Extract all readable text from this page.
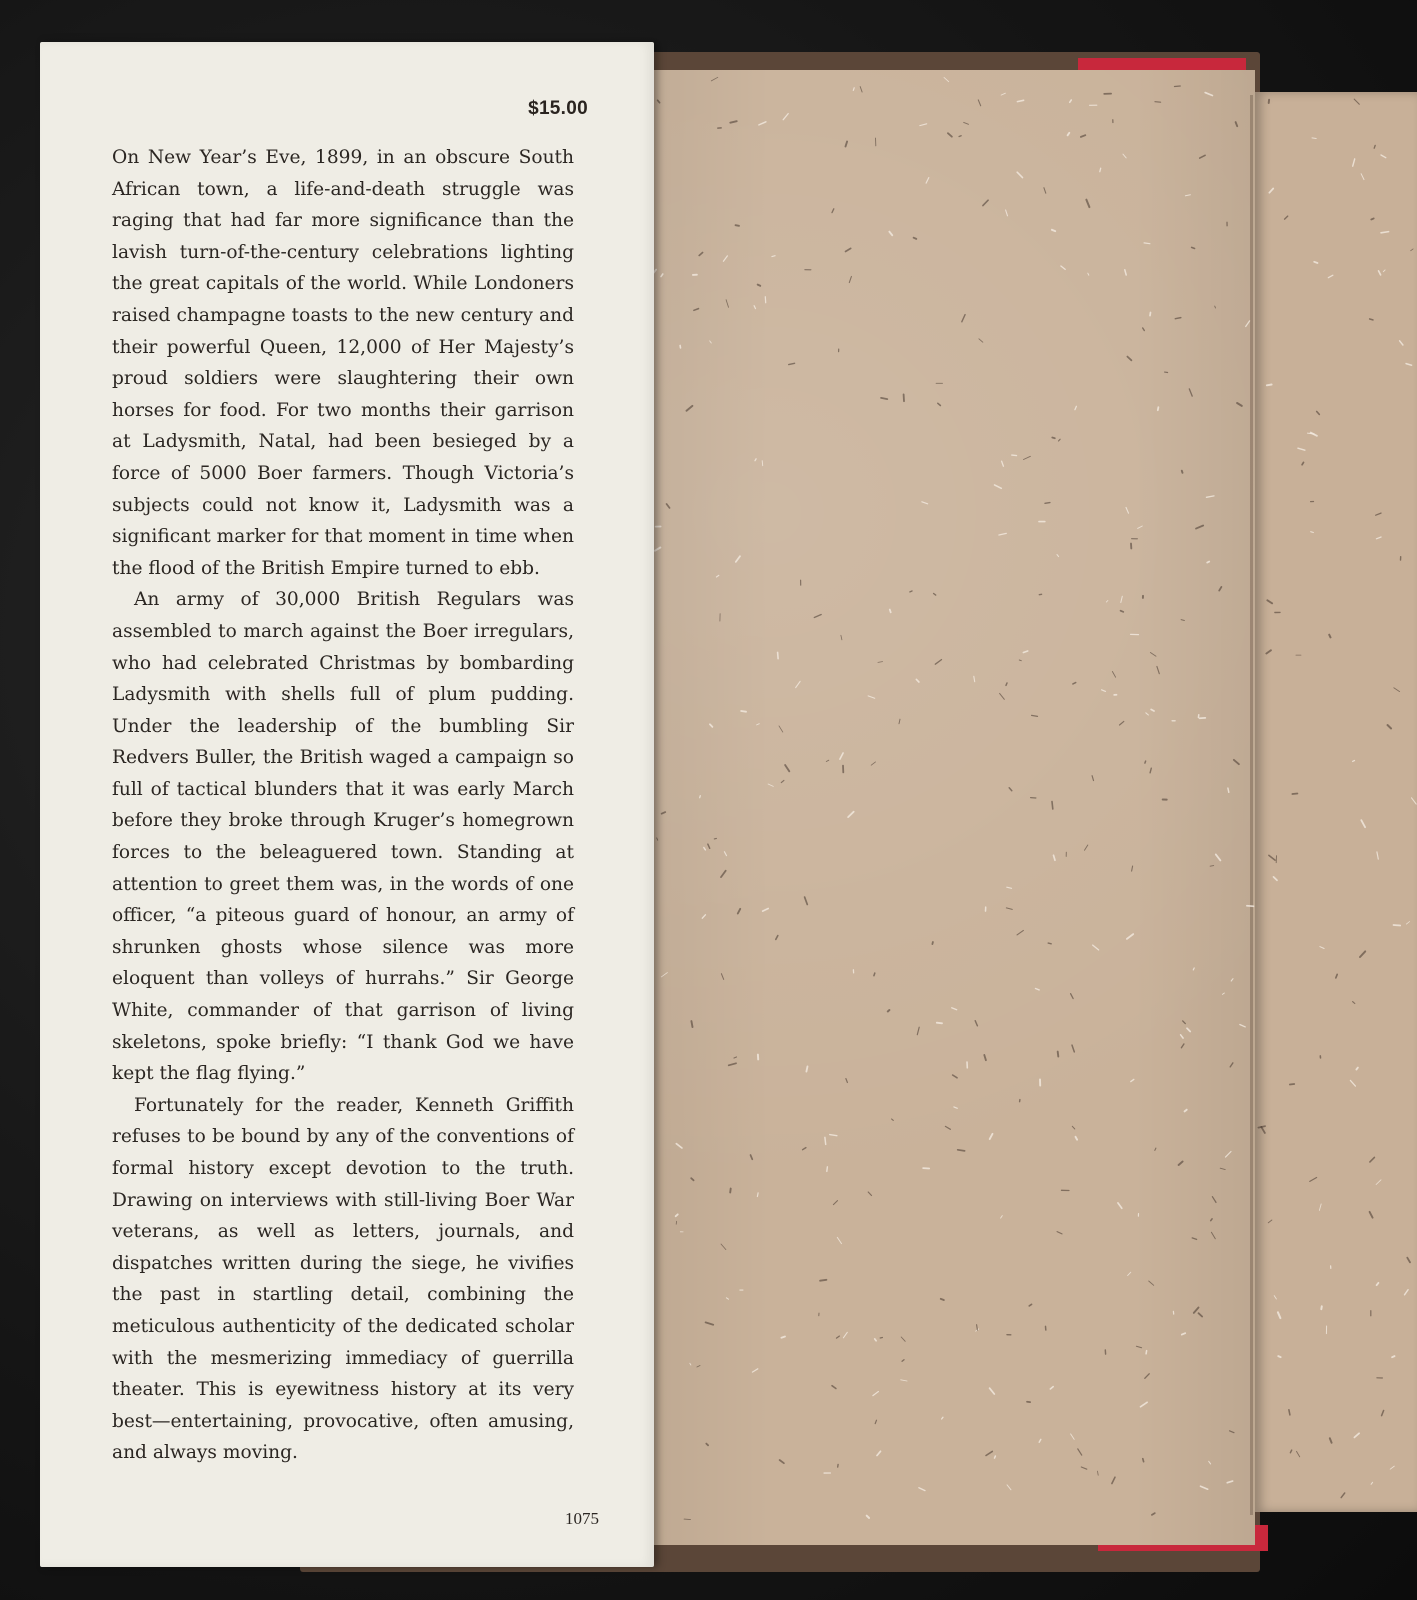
$15.00

On New Year’s Eve, 1899, in an obscure South African town, a life-and-death struggle was raging that had far more significance than the lavish turn-of-the-century celebrations lighting the great capitals of the world. While Londoners raised champagne toasts to the new century and their powerful Queen, 12,000 of Her Majesty’s proud soldiers were slaughtering their own horses for food. For two months their garrison at Ladysmith, Natal, had been besieged by a force of 5000 Boer farmers. Though Victoria’s subjects could not know it, Ladysmith was a significant marker for that moment in time when the flood of the British Empire turned to ebb.

An army of 30,000 British Regulars was assembled to march against the Boer irregulars, who had celebrated Christmas by bombarding Ladysmith with shells full of plum pudding. Under the leadership of the bumbling Sir Redvers Buller, the British waged a campaign so full of tactical blunders that it was early March before they broke through Kruger’s homegrown forces to the beleaguered town. Standing at attention to greet them was, in the words of one officer, “a piteous guard of honour, an army of shrunken ghosts whose silence was more eloquent than volleys of hurrahs.” Sir George White, commander of that garrison of living skeletons, spoke briefly: “I thank God we have kept the flag flying.”

Fortunately for the reader, Kenneth Griffith refuses to be bound by any of the conventions of formal history except devotion to the truth. Drawing on interviews with still-living Boer War veterans, as well as letters, journals, and dispatches written during the siege, he vivifies the past in startling detail, combining the meticulous authenticity of the dedicated scholar with the mesmerizing immediacy of guerrilla theater. This is eyewitness history at its very best—entertaining, provocative, often amusing, and always moving.

1075
